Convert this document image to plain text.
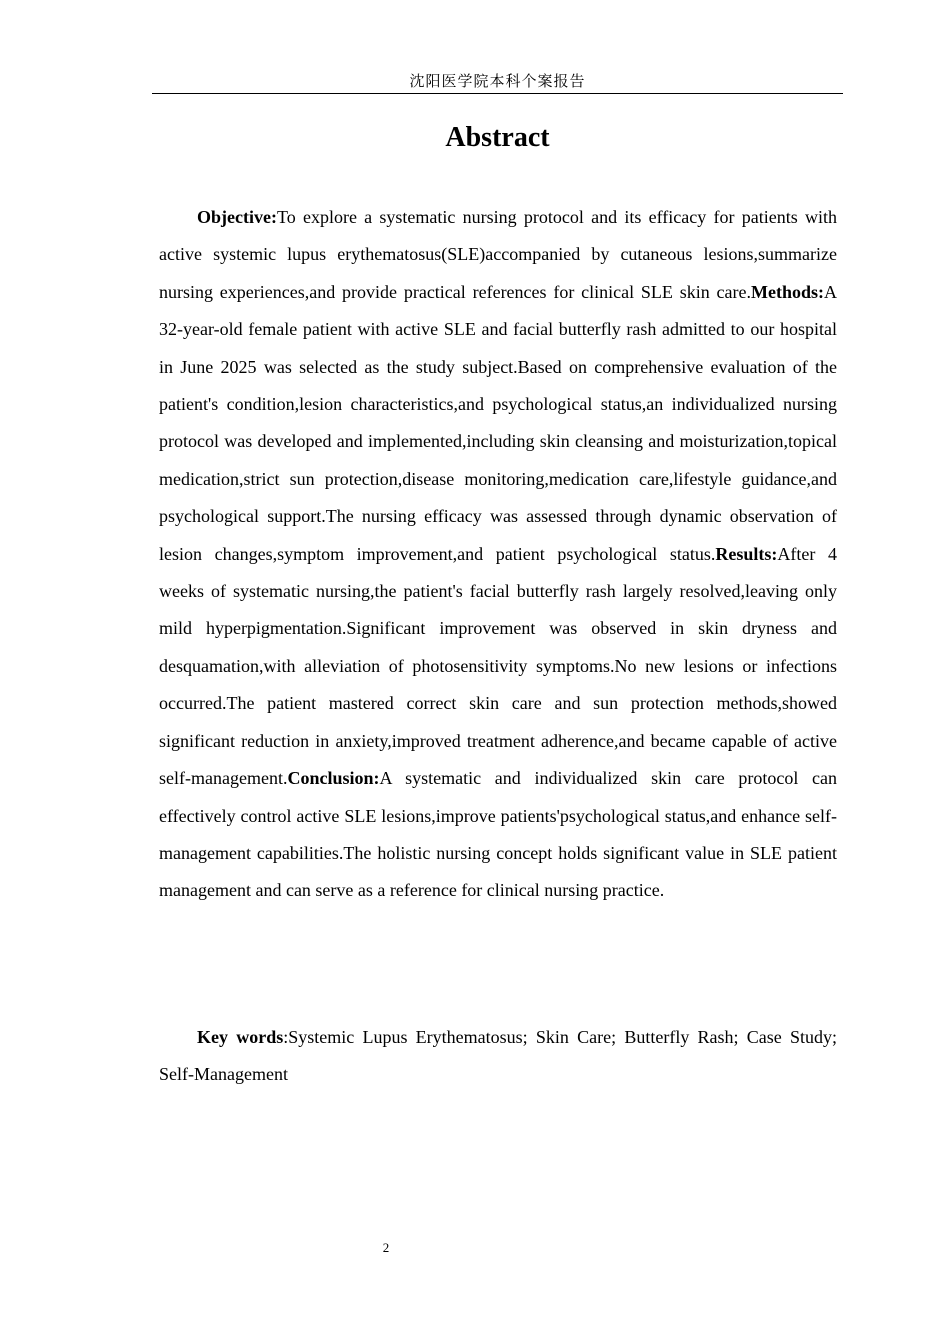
沈阳医学院本科个案报告
Abstract

Objective:To explore a systematic nursing protocol and its efficacy for patients with active systemic lupus erythematosus(SLE)accompanied by cutaneous lesions,summarize nursing experiences,and provide practical references for clinical SLE skin care.Methods:A 32-year-old female patient with active SLE and facial butterfly rash admitted to our hospital in June 2025 was selected as the study subject.Based on comprehensive evaluation of the patient's condition,lesion characteristics,and psychological status,an individualized nursing protocol was developed and implemented,including skin cleansing and moisturization,topical medication,strict sun protection,disease monitoring,medication care,lifestyle guidance,and psychological support.The nursing efficacy was assessed through dynamic observation of lesion changes,symptom improvement,and patient psychological status.Results:After 4 weeks of systematic nursing,the patient's facial butterfly rash largely resolved,leaving only mild hyperpigmentation.Significant improvement was observed in skin dryness and desquamation,with alleviation of photosensitivity symptoms.No new lesions or infections occurred.The patient mastered correct skin care and sun protection methods,showed significant reduction in anxiety,improved treatment adherence,and became capable of active self-management.Conclusion:A systematic and individualized skin care protocol can effectively control active SLE lesions,improve patients'psychological status,and enhance self-management capabilities.The holistic nursing concept holds significant value in SLE patient management and can serve as a reference for clinical nursing practice.

Key words:Systemic Lupus Erythematosus; Skin Care; Butterfly Rash; Case Study; Self-Management

2
